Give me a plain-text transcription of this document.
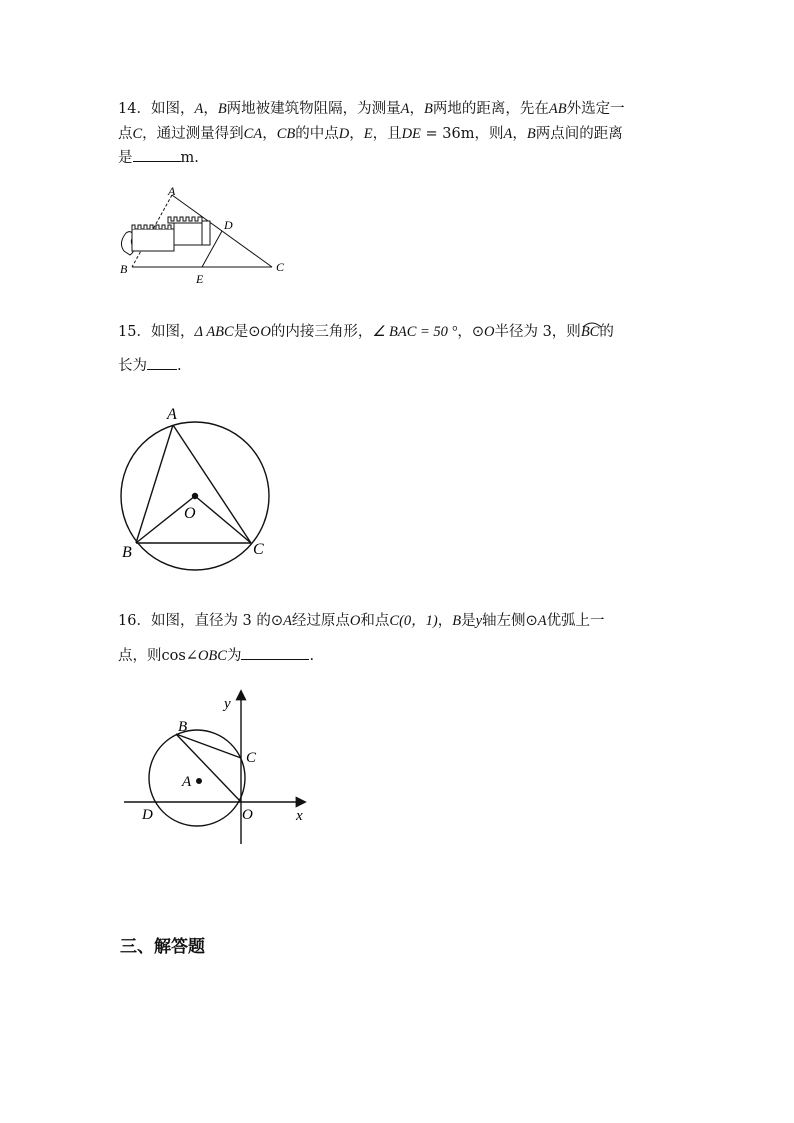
14．如图，A，B两地被建筑物阻隔，为测量A，B两地的距离，先在AB外选定一
点C，通过测量得到CA，CB的中点D，E，且DE = 36m，则A，B两点间的距离
是	m.
A
B	C
D
E
15．如图，Δ ABC是⊙O的内接三角形，∠ BAC = 50 °，⊙O半径为 3，则BC
的
长为 .
A
B	C
O
16．如图，直径为 3 的⊙A经过原点O和点C(0，1)，B是y轴左侧⊙A优弧上一
点，则cos∠OBC为	.
y
x
B
C
A
D	O
三、解答题
